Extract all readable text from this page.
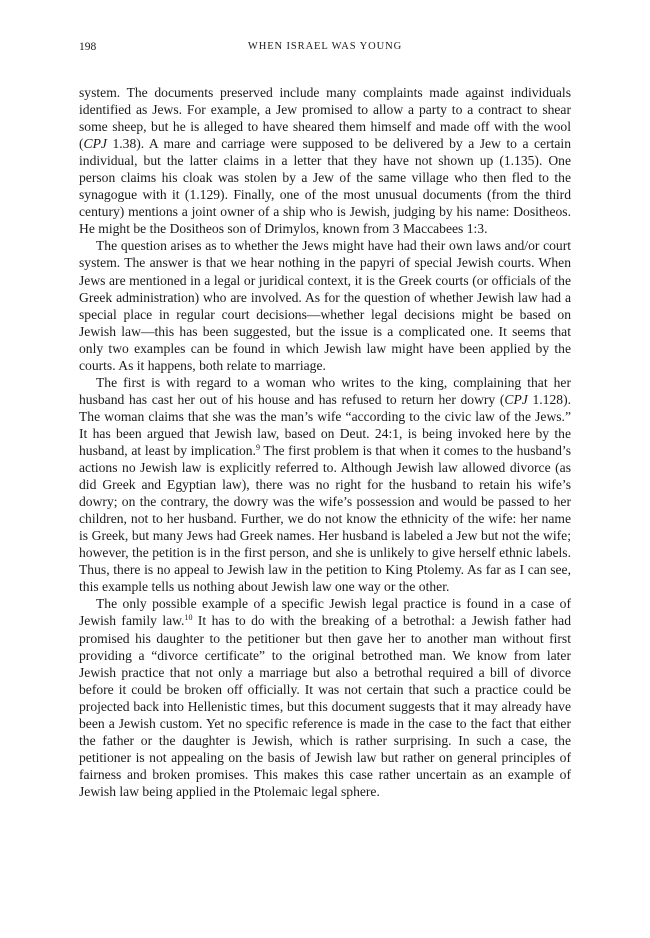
198	WHEN ISRAEL WAS YOUNG

system. The documents preserved include many complaints made against individuals identified as Jews. For example, a Jew promised to allow a party to a contract to shear some sheep, but he is alleged to have sheared them himself and made off with the wool (CPJ 1.38). A mare and carriage were supposed to be delivered by a Jew to a certain individual, but the latter claims in a letter that they have not shown up (1.135). One person claims his cloak was stolen by a Jew of the same village who then fled to the synagogue with it (1.129). Finally, one of the most unusual documents (from the third century) mentions a joint owner of a ship who is Jewish, judging by his name: Dositheos. He might be the Dositheos son of Drimylos, known from 3 Maccabees 1:3.

The question arises as to whether the Jews might have had their own laws and/or court system. The answer is that we hear nothing in the papyri of special Jewish courts. When Jews are mentioned in a legal or juridical context, it is the Greek courts (or officials of the Greek administration) who are involved. As for the question of whether Jewish law had a special place in regular court decisions—whether legal decisions might be based on Jewish law—this has been suggested, but the issue is a complicated one. It seems that only two examples can be found in which Jewish law might have been applied by the courts. As it happens, both relate to marriage.

The first is with regard to a woman who writes to the king, complaining that her husband has cast her out of his house and has refused to return her dowry (CPJ 1.128). The woman claims that she was the man’s wife “according to the civic law of the Jews.” It has been argued that Jewish law, based on Deut. 24:1, is being invoked here by the husband, at least by implication.$^9$ The first problem is that when it comes to the husband’s actions no Jewish law is explicitly referred to. Although Jewish law allowed divorce (as did Greek and Egyptian law), there was no right for the husband to retain his wife’s dowry; on the contrary, the dowry was the wife’s possession and would be passed to her children, not to her husband. Further, we do not know the ethnicity of the wife: her name is Greek, but many Jews had Greek names. Her husband is labeled a Jew but not the wife; however, the petition is in the first person, and she is unlikely to give herself ethnic labels. Thus, there is no appeal to Jewish law in the petition to King Ptolemy. As far as I can see, this example tells us nothing about Jewish law one way or the other.

The only possible example of a specific Jewish legal practice is found in a case of Jewish family law.$^{10}$ It has to do with the breaking of a betrothal: a Jewish father had promised his daughter to the petitioner but then gave her to another man without first providing a “divorce certificate” to the original betrothed man. We know from later Jewish practice that not only a marriage but also a betrothal required a bill of divorce before it could be broken off officially. It was not certain that such a practice could be projected back into Hellenistic times, but this document suggests that it may already have been a Jewish custom. Yet no specific reference is made in the case to the fact that either the father or the daughter is Jewish, which is rather surprising. In such a case, the petitioner is not appealing on the basis of Jewish law but rather on general principles of fairness and broken promises. This makes this case rather uncertain as an example of Jewish law being applied in the Ptolemaic legal sphere.
